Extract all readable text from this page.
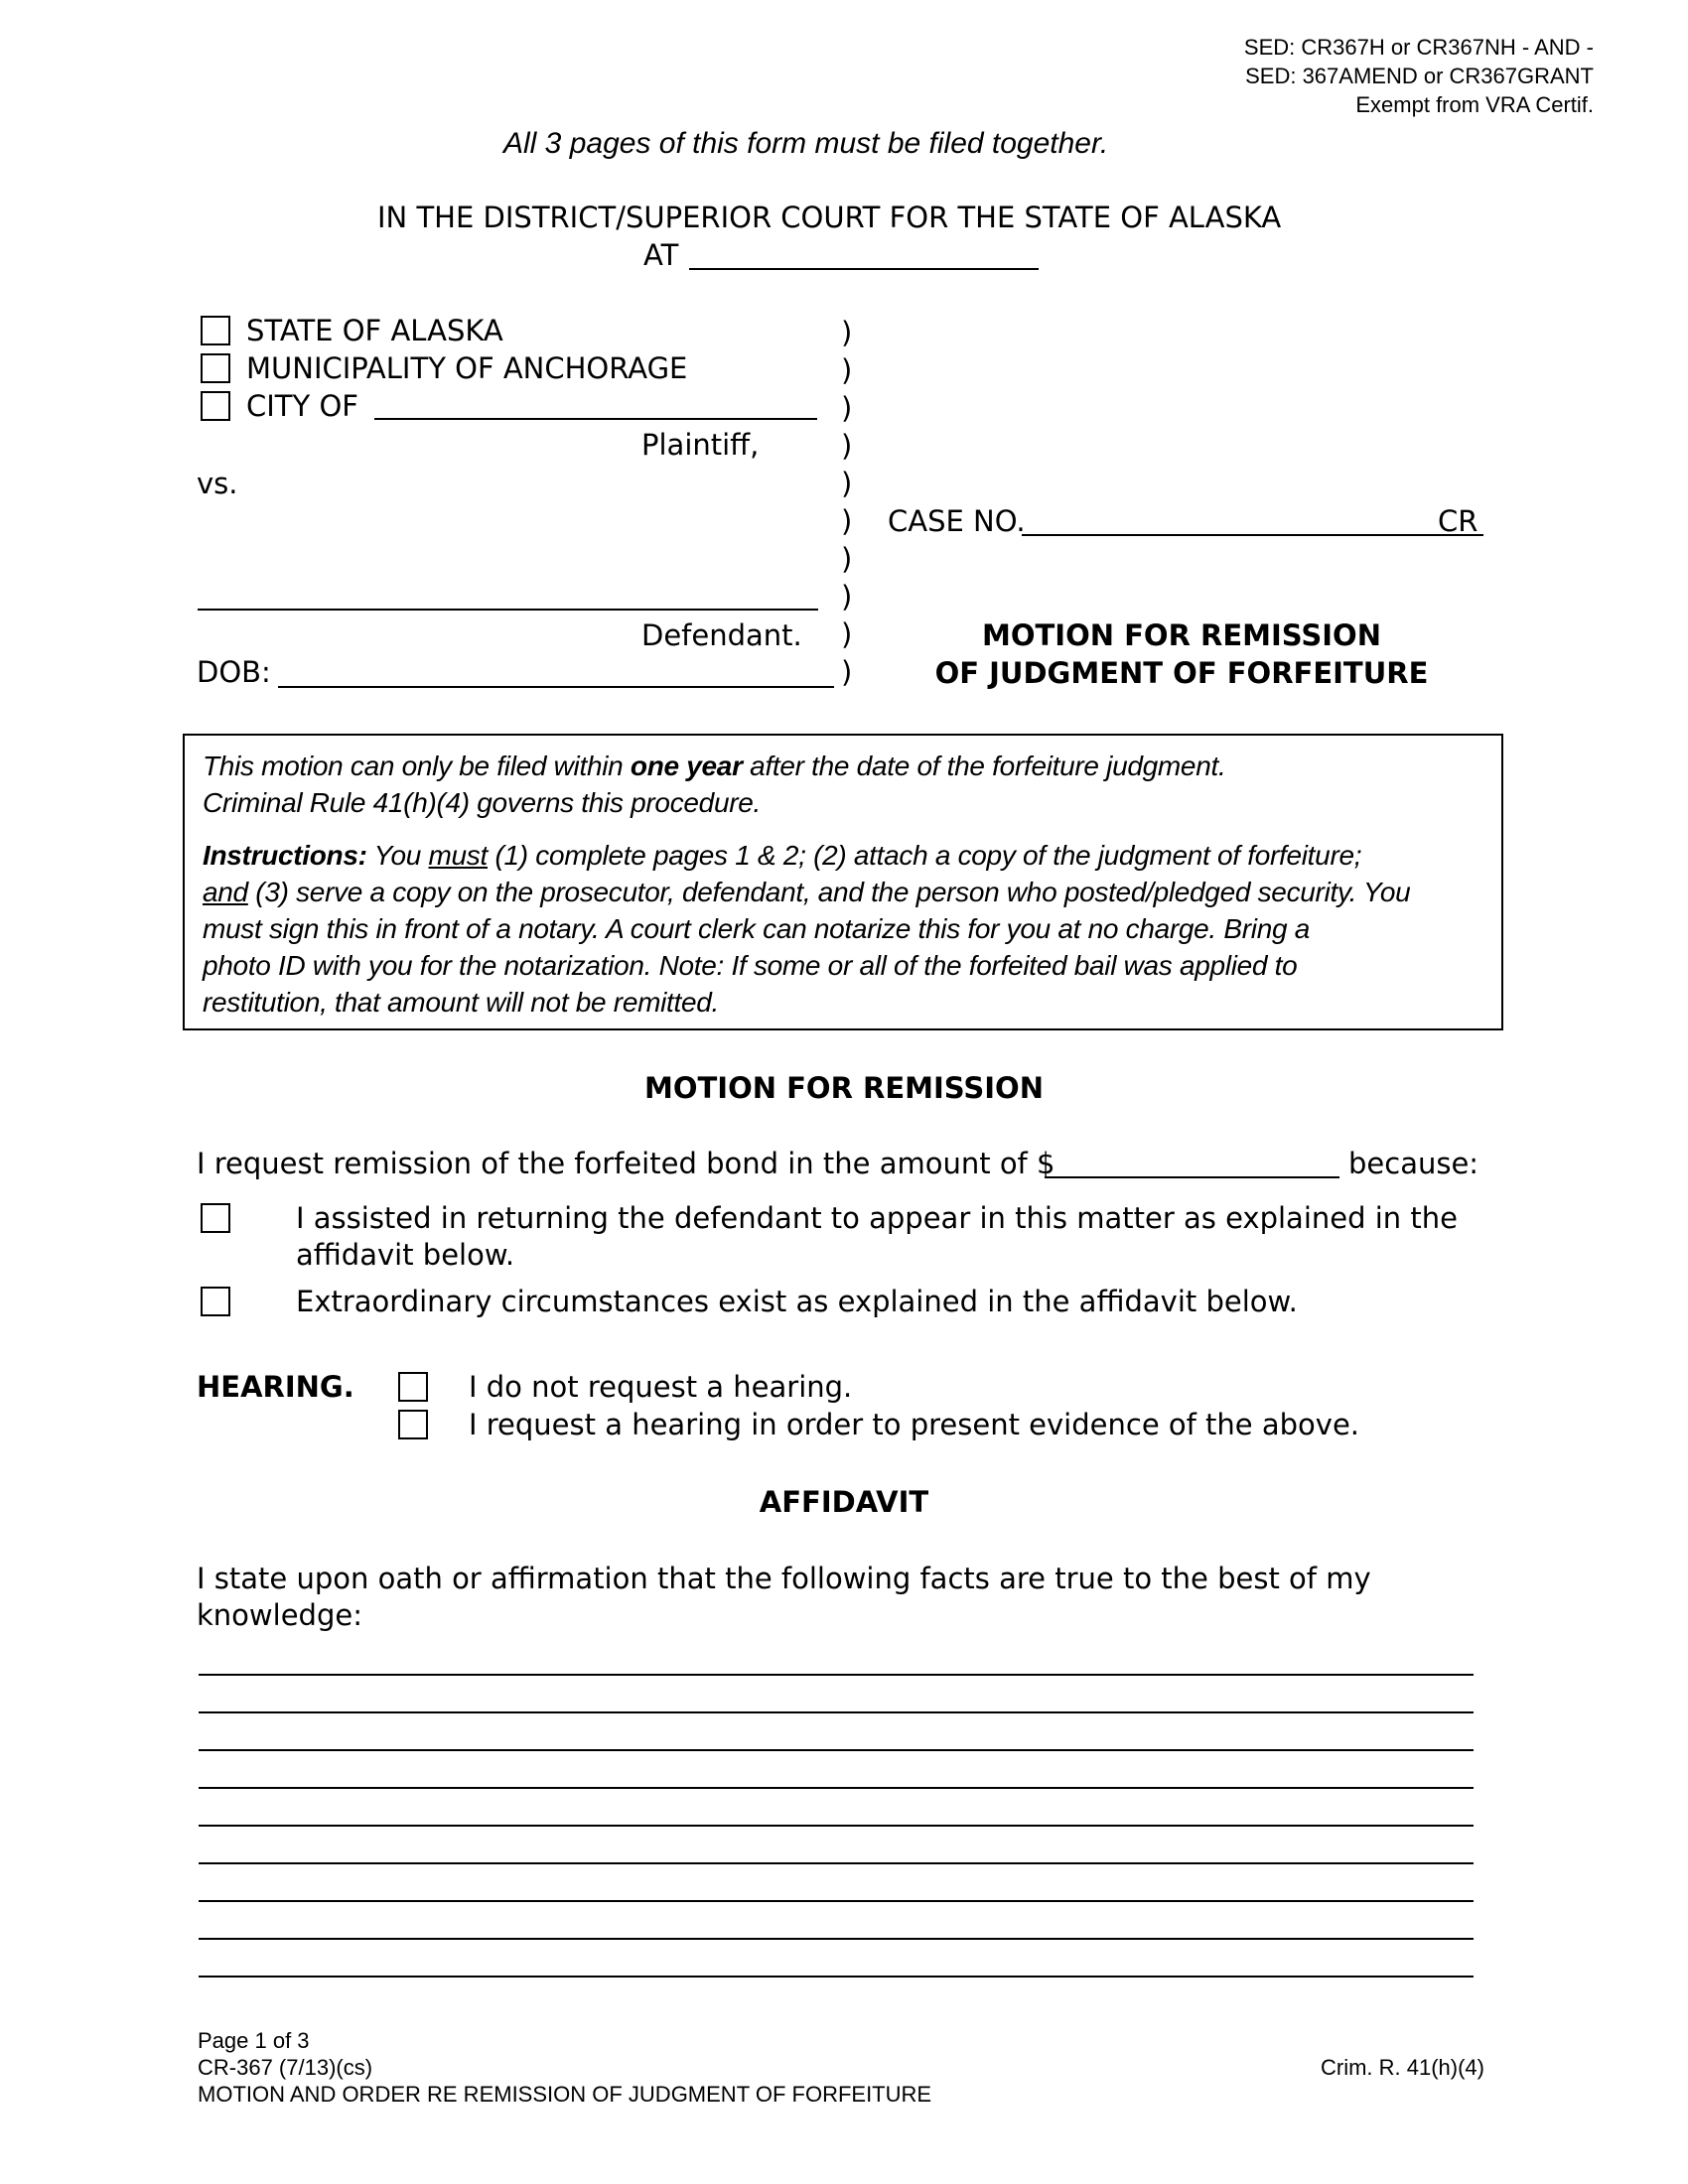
SED: CR367H or CR367NH - AND -
SED: 367AMEND or CR367GRANT
Exempt from VRA Certif.
All 3 pages of this form must be filed together.
IN THE DISTRICT/SUPERIOR COURT FOR THE STATE OF ALASKA
AT
STATE OF ALASKA
MUNICIPALITY OF ANCHORAGE
CITY OF
Plaintiff,
vs.
Defendant.
DOB:
)
)
)
)
)
)
)
)
)
)
CASE NO.	CR
MOTION FOR REMISSION
OF JUDGMENT OF FORFEITURE
This motion can only be filed within one year after the date of the forfeiture judgment.
Criminal Rule 41(h)(4) governs this procedure.
Instructions: You must (1) complete pages 1 & 2; (2) attach a copy of the judgment of forfeiture;
and (3) serve a copy on the prosecutor, defendant, and the person who posted/pledged security. You
must sign this in front of a notary. A court clerk can notarize this for you at no charge. Bring a
photo ID with you for the notarization. Note: If some or all of the forfeited bail was applied to
restitution, that amount will not be remitted.
MOTION FOR REMISSION
I request remission of the forfeited bond in the amount of $	because:
I assisted in returning the defendant to appear in this matter as explained in the
affidavit below.
Extraordinary circumstances exist as explained in the affidavit below.
HEARING.	I do not request a hearing.
I request a hearing in order to present evidence of the above.
AFFIDAVIT
I state upon oath or affirmation that the following facts are true to the best of my
knowledge:
Page 1 of 3
CR-367 (7/13)(cs)
MOTION AND ORDER RE REMISSION OF JUDGMENT OF FORFEITURE
Crim. R. 41(h)(4)
